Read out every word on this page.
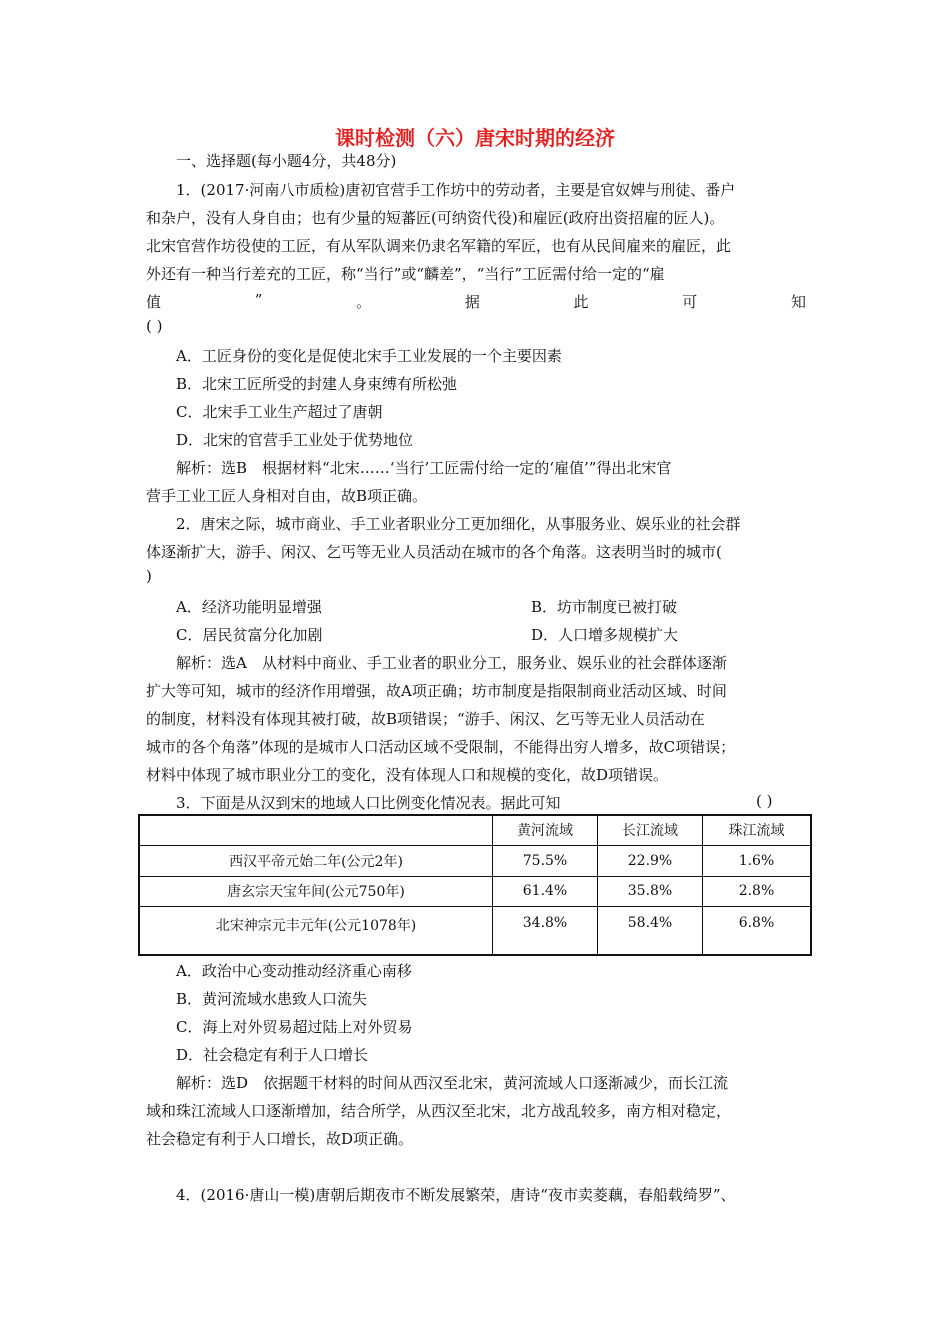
课时检测（六）唐宋时期的经济
一、选择题(每小题4分，共48分)
1．(2017·河南八市质检)唐初官营手工作坊中的劳动者，主要是官奴婢与刑徒、番户
和杂户，没有人身自由；也有少量的短蕃匠(可纳资代役)和雇匠(政府出资招雇的匠人)。
北宋官营作坊役使的工匠，有从军队调来仍隶名军籍的军匠，也有从民间雇来的雇匠，此
外还有一种当行差充的工匠，称“当行”或“麟差”，“当行”工匠需付给一定的“雇
值	”	。	据	此	可	知
( )
A．工匠身份的变化是促使北宋手工业发展的一个主要因素
B．北宋工匠所受的封建人身束缚有所松弛
C．北宋手工业生产超过了唐朝
D．北宋的官营手工业处于优势地位
解析：选B　根据材料“北宋……‘当行’工匠需付给一定的‘雇值’”得出北宋官
营手工业工匠人身相对自由，故B项正确。
2．唐宋之际，城市商业、手工业者职业分工更加细化，从事服务业、娱乐业的社会群
体逐渐扩大，游手、闲汉、乞丐等无业人员活动在城市的各个角落。这表明当时的城市(
)
A．经济功能明显增强	B．坊市制度已被打破
C．居民贫富分化加剧	D．人口增多规模扩大
解析：选A　从材料中商业、手工业者的职业分工，服务业、娱乐业的社会群体逐渐
扩大等可知，城市的经济作用增强，故A项正确；坊市制度是指限制商业活动区域、时间
的制度，材料没有体现其被打破，故B项错误；“游手、闲汉、乞丐等无业人员活动在
城市的各个角落”体现的是城市人口活动区域不受限制，不能得出穷人增多，故C项错误；
材料中体现了城市职业分工的变化，没有体现人口和规模的变化，故D项错误。
3．下面是从汉到宋的地域人口比例变化情况表。据此可知	( )
	黄河流域	长江流域	珠江流域
西汉平帝元始二年(公元2年)	75.5%	22.9%	1.6%
唐玄宗天宝年间(公元750年)	61.4%	35.8%	2.8%
北宋神宗元丰元年(公元1078年)	34.8%	58.4%	6.8%
A．政治中心变动推动经济重心南移
B．黄河流域水患致人口流失
C．海上对外贸易超过陆上对外贸易
D．社会稳定有利于人口增长
解析：选D　依据题干材料的时间从西汉至北宋，黄河流域人口逐渐减少，而长江流
域和珠江流域人口逐渐增加，结合所学，从西汉至北宋，北方战乱较多，南方相对稳定，
社会稳定有利于人口增长，故D项正确。
4．(2016·唐山一模)唐朝后期夜市不断发展繁荣，唐诗“夜市卖菱藕，春船载绮罗”、
